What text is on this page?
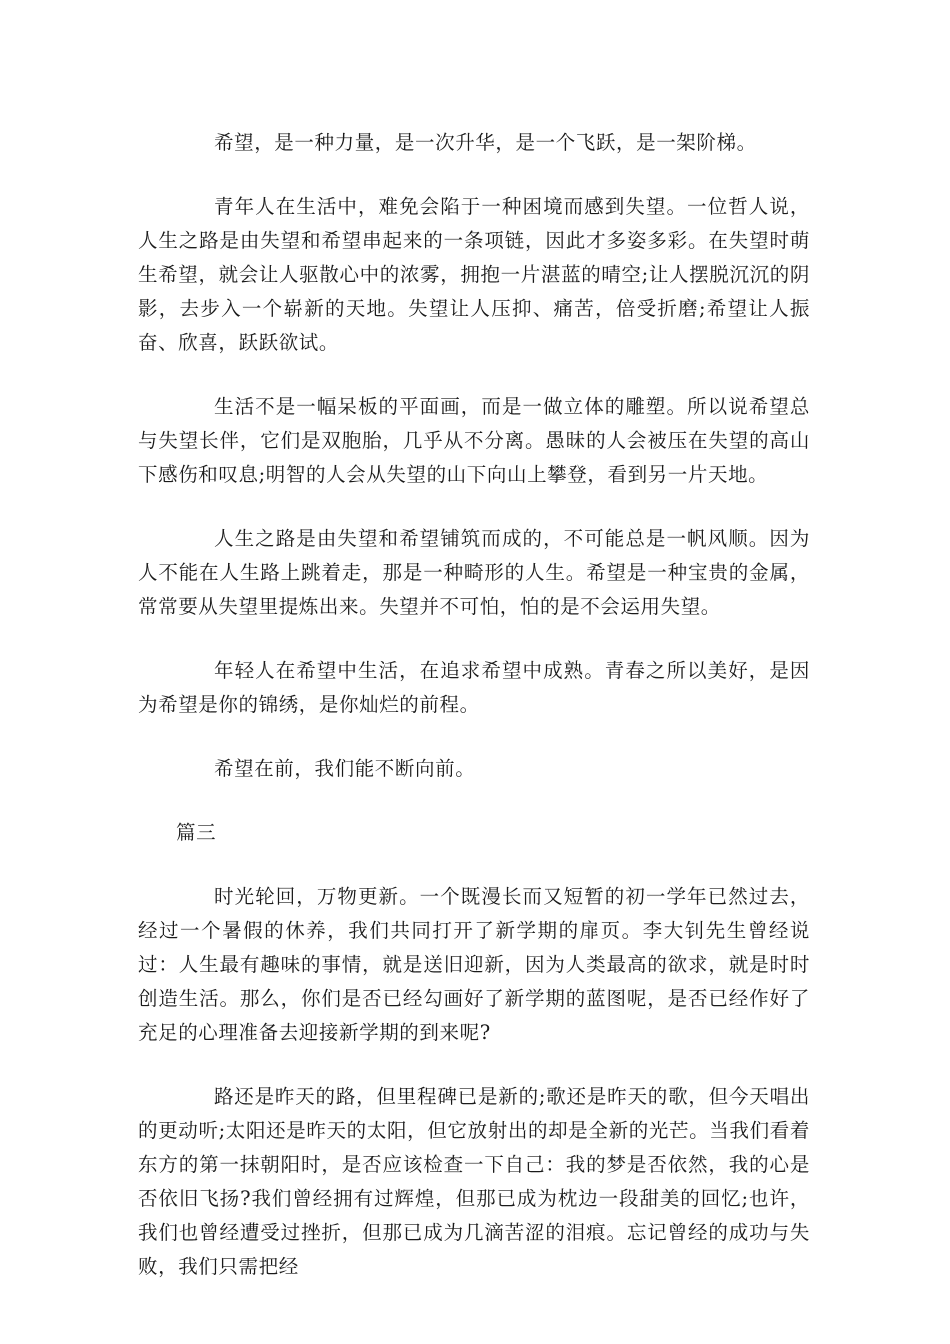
希望，是一种力量，是一次升华，是一个飞跃，是一架阶梯。

青年人在生活中，难免会陷于一种困境而感到失望。一位哲人说，人生之路是由失望和希望串起来的一条项链，因此才多姿多彩。在失望时萌生希望，就会让人驱散心中的浓雾，拥抱一片湛蓝的晴空;让人摆脱沉沉的阴影，去步入一个崭新的天地。失望让人压抑、痛苦，倍受折磨;希望让人振奋、欣喜，跃跃欲试。

生活不是一幅呆板的平面画，而是一做立体的雕塑。所以说希望总与失望长伴，它们是双胞胎，几乎从不分离。愚昧的人会被压在失望的高山下感伤和叹息;明智的人会从失望的山下向山上攀登，看到另一片天地。

人生之路是由失望和希望铺筑而成的，不可能总是一帆风顺。因为人不能在人生路上跳着走，那是一种畸形的人生。希望是一种宝贵的金属，常常要从失望里提炼出来。失望并不可怕，怕的是不会运用失望。

年轻人在希望中生活，在追求希望中成熟。青春之所以美好，是因为希望是你的锦绣，是你灿烂的前程。

希望在前，我们能不断向前。

篇三

时光轮回，万物更新。一个既漫长而又短暂的初一学年已然过去，经过一个暑假的休养，我们共同打开了新学期的扉页。李大钊先生曾经说过：人生最有趣味的事情，就是送旧迎新，因为人类最高的欲求，就是时时创造生活。那么，你们是否已经勾画好了新学期的蓝图呢，是否已经作好了充足的心理准备去迎接新学期的到来呢?

路还是昨天的路，但里程碑已是新的;歌还是昨天的歌，但今天唱出的更动听;太阳还是昨天的太阳，但它放射出的却是全新的光芒。当我们看着东方的第一抹朝阳时，是否应该检查一下自己：我的梦是否依然，我的心是否依旧飞扬?我们曾经拥有过辉煌，但那已成为枕边一段甜美的回忆;也许，我们也曾经遭受过挫折，但那已成为几滴苦涩的泪痕。忘记曾经的成功与失败，我们只需把经
